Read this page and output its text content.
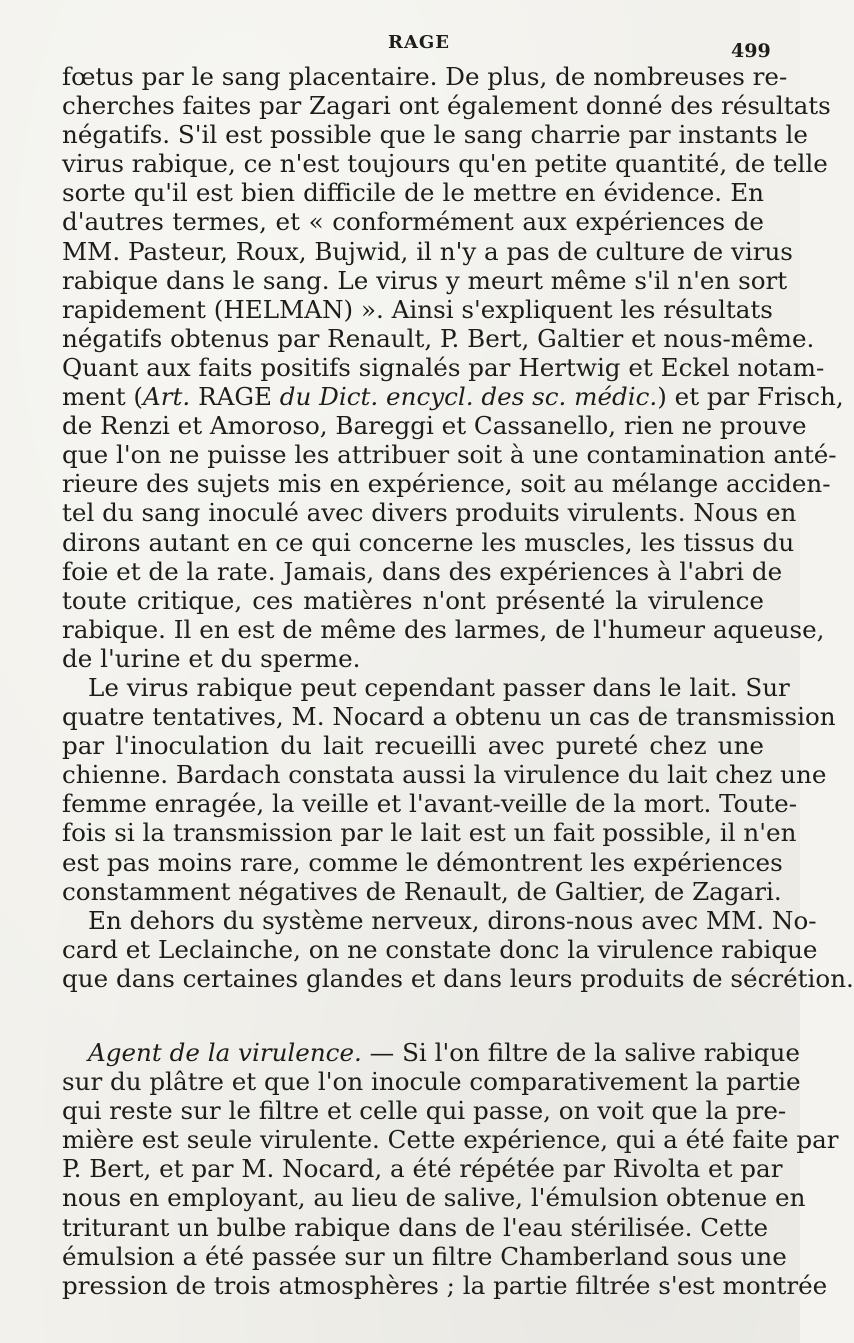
RAGE	499
fœtus par le sang placentaire. De plus, de nombreuses re-
cherches faites par Zagari ont également donné des résultats
négatifs. S'il est possible que le sang charrie par instants le
virus rabique, ce n'est toujours qu'en petite quantité, de telle
sorte qu'il est bien difficile de le mettre en évidence. En
d'autres termes, et « conformément aux expériences de
MM. Pasteur, Roux, Bujwid, il n'y a pas de culture de virus
rabique dans le sang. Le virus y meurt même s'il n'en sort
rapidement (HELMAN) ». Ainsi s'expliquent les résultats
négatifs obtenus par Renault, P. Bert, Galtier et nous-même.
Quant aux faits positifs signalés par Hertwig et Eckel notam-
ment (Art. RAGE du Dict. encycl. des sc. médic.) et par Frisch,
de Renzi et Amoroso, Bareggi et Cassanello, rien ne prouve
que l'on ne puisse les attribuer soit à une contamination anté-
rieure des sujets mis en expérience, soit au mélange acciden-
tel du sang inoculé avec divers produits virulents. Nous en
dirons autant en ce qui concerne les muscles, les tissus du
foie et de la rate. Jamais, dans des expériences à l'abri de
toute critique, ces matières n'ont présenté la virulence
rabique. Il en est de même des larmes, de l'humeur aqueuse,
de l'urine et du sperme.
Le virus rabique peut cependant passer dans le lait. Sur
quatre tentatives, M. Nocard a obtenu un cas de transmission
par l'inoculation du lait recueilli avec pureté chez une
chienne. Bardach constata aussi la virulence du lait chez une
femme enragée, la veille et l'avant-veille de la mort. Toute-
fois si la transmission par le lait est un fait possible, il n'en
est pas moins rare, comme le démontrent les expériences
constamment négatives de Renault, de Galtier, de Zagari.
En dehors du système nerveux, dirons-nous avec MM. No-
card et Leclainche, on ne constate donc la virulence rabique
que dans certaines glandes et dans leurs produits de sécrétion.
Agent de la virulence. — Si l'on filtre de la salive rabique
sur du plâtre et que l'on inocule comparativement la partie
qui reste sur le filtre et celle qui passe, on voit que la pre-
mière est seule virulente. Cette expérience, qui a été faite par
P. Bert, et par M. Nocard, a été répétée par Rivolta et par
nous en employant, au lieu de salive, l'émulsion obtenue en
triturant un bulbe rabique dans de l'eau stérilisée. Cette
émulsion a été passée sur un filtre Chamberland sous une
pression de trois atmosphères ; la partie filtrée s'est montrée
